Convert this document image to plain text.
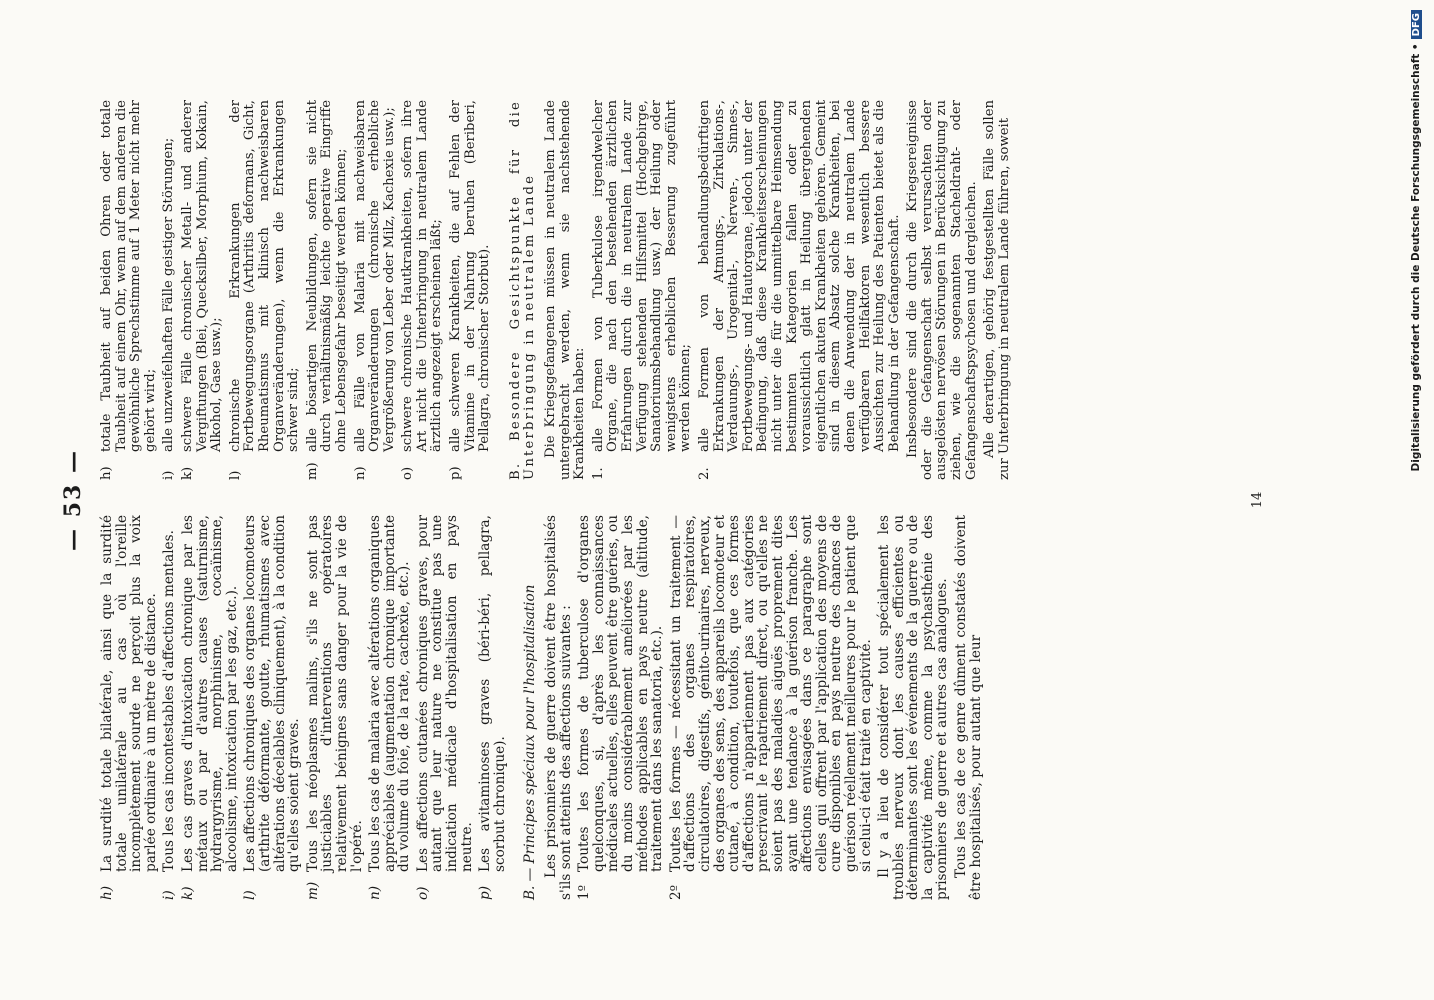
— 53 —
h)
La surdité totale bilatérale, ainsi que la surdité totale unilatérale au cas où l'oreille incomplètement sourde ne perçoit plus la voix parlée ordinaire à un mètre de distance.
i)
Tous les cas incontestables d'affections mentales.
k)
Les cas graves d'intoxication chronique par les métaux ou par d'autres causes (saturnisme, hydrargyrisme, morphinisme, cocaïnisme, alcoolisme, intoxication par les gaz, etc.).
l)
Les affections chroniques des organes locomoteurs (arthrite déformante, goutte, rhumatismes avec altérations décelables cliniquement), à la condition qu'elles soient graves.
m)
Tous les néoplasmes malins, s'ils ne sont pas justiciables d'interventions opératoires relativement bénignes sans danger pour la vie de l'opéré.
n)
Tous les cas de malaria avec altérations organiques appréciables (augmentation chronique importante du volume du foie, de la rate, cachexie, etc.).
o)
Les affections cutanées chroniques graves, pour autant que leur nature ne constitue pas une indication médicale d'hospitalisation en pays neutre.
p)
Les avitaminoses graves (béri-béri, pellagra, scorbut chronique). B. — Principes spéciaux pour l'hospitalisation Les prisonniers de guerre doivent être hospitalisés s'ils sont atteints des affections suivantes : 1º
Toutes les formes de tuberculose d'organes quelconques, si, d'après les connaissances médicales actuelles, elles peuvent être guéries, ou du moins considérablement améliorées par les méthodes applicables en pays neutre (altitude, traitement dans les sanatoria, etc.).
2º
Toutes les formes — nécessitant un traitement — d'affections des organes respiratoires, circulatoires, digestifs, génito-urinaires, nerveux, des organes des sens, des appareils locomoteur et cutané, à condition, toutefois, que ces formes d'affections n'appartiennent pas aux catégories prescrivant le rapatriement direct, ou qu'elles ne soient pas des maladies aiguës proprement dites ayant une tendance à la guérison franche. Les affections envisagées dans ce paragraphe sont celles qui offrent par l'application des moyens de cure disponibles en pays neutre des chances de guérison réellement meilleures pour le patient que si celui-ci était traité en captivité. Il y a lieu de considérer tout spécialement les troubles nerveux dont les causes efficientes ou déterminantes sont les événements de la guerre ou de la captivité même, comme la psychasthénie des prisonniers de guerre et autres cas analogues. Tous les cas de ce genre dûment constatés doivent être hospitalisés, pour autant que leur
h)
totale Taubheit auf beiden Ohren oder totale Taubheit auf einem Ohr, wenn auf dem anderen die gewöhnliche Sprechstimme auf 1 Meter nicht mehr gehört wird;
i)
alle unzweifelhaften Fälle geistiger Störungen;
k)
schwere Fälle chronischer Metall- und anderer Vergiftungen (Blei, Quecksilber, Morphium, Kokain, Alkohol, Gase usw.);
l)
chronische Erkrankungen der Fortbewegungsorgane (Arthritis deformans, Gicht, Rheumatismus mit klinisch nachweisbaren Organveränderungen), wenn die Erkrankungen schwer sind;
m)
alle bösartigen Neubildungen, sofern sie nicht durch verhältnismäßig leichte operative Eingriffe ohne Lebensgefahr beseitigt werden können;
n)
alle Fälle von Malaria mit nachweisbaren Organveränderungen (chronische erhebliche Vergrößerung von Leber oder Milz, Kachexie usw.);
o)
schwere chronische Hautkrankheiten, sofern ihre Art nicht die Unterbringung in neutralem Lande ärztlich angezeigt erscheinen läßt;
p)
alle schweren Krankheiten, die auf Fehlen der Vitamine in der Nahrung beruhen (Beriberi, Pellagra, chronischer Storbut). B. Besondere Gesichtspunkte für die Unterbringung in neutralem Lande Die Kriegsgefangenen müssen in neutralem Lande untergebracht werden, wenn sie nachstehende Krankheiten haben: 1.
alle Formen von Tuberkulose irgendwelcher Organe, die nach den bestehenden ärztlichen Erfahrungen durch die in neutralem Lande zur Verfügung stehenden Hilfsmittel (Hochgebirge, Sanatoriumsbehandlung usw.) der Heilung oder wenigstens erheblichen Besserung zugeführt werden können;
2.
alle Formen von behandlungsbedürftigen Erkrankungen der Atmungs-, Zirkulations-, Verdauungs-, Urogenital-, Nerven-, Sinnes-, Fortbewegungs- und Hautorgane, jedoch unter der Bedingung, daß diese Krankheitserscheinungen nicht unter die für die unmittelbare Heimsendung bestimmten Kategorien fallen oder zu voraussichtlich glatt in Heilung übergehenden eigentlichen akuten Krankheiten gehören. Gemeint sind in diesem Absatz solche Krankheiten, bei denen die Anwendung der in neutralem Lande verfügbaren Heilfaktoren wesentlich bessere Aussichten zur Heilung des Patienten bietet als die Behandlung in der Gefangenschaft. Insbesondere sind die durch die Kriegsereignisse oder die Gefangenschaft selbst verursachten oder ausgelösten nervösen Störungen in Berücksichtigung zu ziehen, wie die sogenannten Stacheldraht- oder Gefangenschaftspsychosen und dergleichen. Alle derartigen, gehörig festgestellten Fälle sollen zur Unterbringung in neutralem Lande führen, soweit
14
Digitalisierung gefördert durch die Deutsche Forschungsgemeinschaft •DFG
